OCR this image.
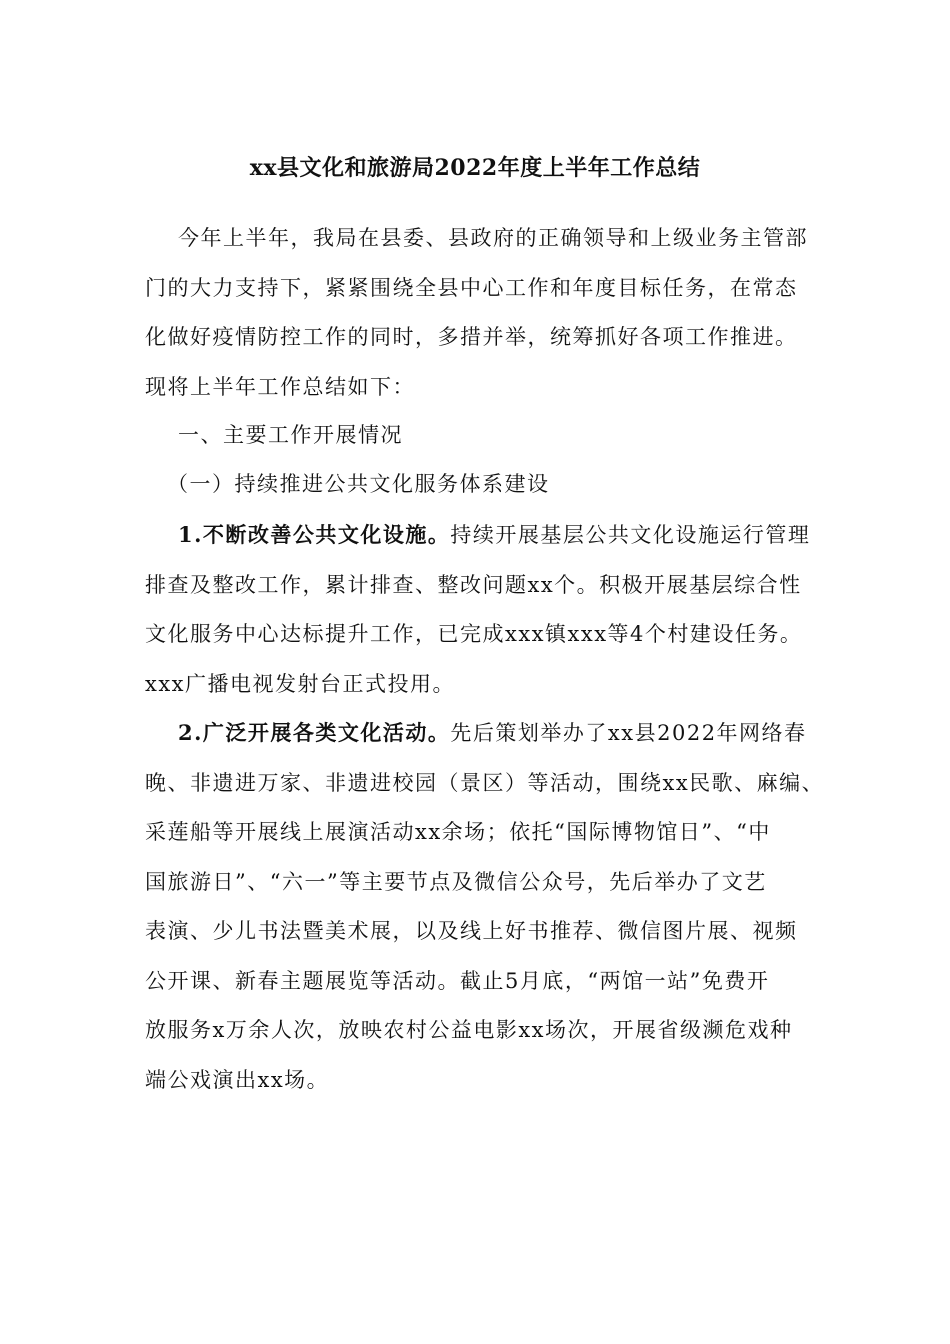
xx县文化和旅游局2022年度上半年工作总结
今年上半年，我局在县委、县政府的正确领导和上级业务主管部
门的大力支持下，紧紧围绕全县中心工作和年度目标任务，在常态
化做好疫情防控工作的同时，多措并举，统筹抓好各项工作推进。
现将上半年工作总结如下：
一、主要工作开展情况
（一）持续推进公共文化服务体系建设
1.不断改善公共文化设施。持续开展基层公共文化设施运行管理
排查及整改工作，累计排查、整改问题xx个。积极开展基层综合性
文化服务中心达标提升工作，已完成xxx镇xxx等4个村建设任务。
xxx广播电视发射台正式投用。
2.广泛开展各类文化活动。先后策划举办了xx县2022年网络春
晚、非遗进万家、非遗进校园（景区）等活动，围绕xx民歌、麻编、
采莲船等开展线上展演活动xx余场；依托“国际博物馆日”、“中
国旅游日”、“六一”等主要节点及微信公众号，先后举办了文艺
表演、少儿书法暨美术展，以及线上好书推荐、微信图片展、视频
公开课、新春主题展览等活动。截止5月底，“两馆一站”免费开
放服务x万余人次，放映农村公益电影xx场次，开展省级濒危戏种
端公戏演出xx场。
